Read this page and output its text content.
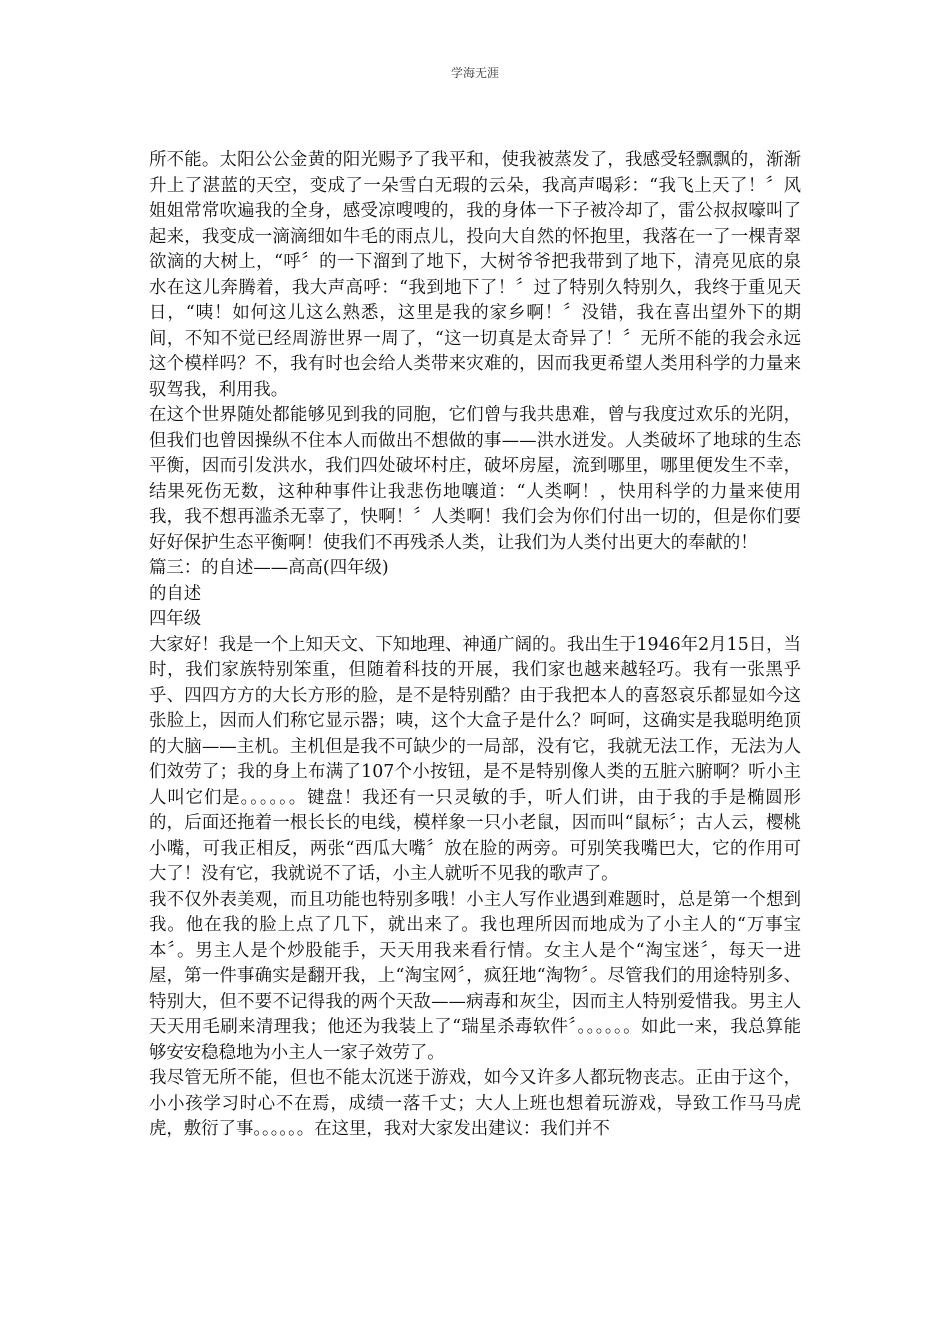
学海无涯

所不能。太阳公公金黄的阳光赐予了我平和，使我被蒸发了，我感受轻飘飘的，渐渐升上了湛蓝的天空，变成了一朵雪白无瑕的云朵，我高声喝彩：“我飞上天了！〞风姐姐常常吹遍我的全身，感受凉嗖嗖的，我的身体一下子被冷却了，雷公叔叔嚎叫了起来，我变成一滴滴细如牛毛的雨点儿，投向大自然的怀抱里，我落在一了一棵青翠欲滴的大树上，“呼〞的一下溜到了地下，大树爷爷把我带到了地下，清亮见底的泉水在这儿奔腾着，我大声高呼：“我到地下了！〞过了特别久特别久，我终于重见天日，“咦！如何这儿这么熟悉，这里是我的家乡啊！〞没错，我在喜出望外下的期间，不知不觉已经周游世界一周了，“这一切真是太奇异了！〞无所不能的我会永远这个模样吗？不，我有时也会给人类带来灾难的，因而我更希望人类用科学的力量来驭驾我，利用我。

在这个世界随处都能够见到我的同胞，它们曾与我共患难，曾与我度过欢乐的光阴，但我们也曾因操纵不住本人而做出不想做的事——洪水迸发。人类破坏了地球的生态平衡，因而引发洪水，我们四处破坏村庄，破坏房屋，流到哪里，哪里便发生不幸，结果死伤无数，这种种事件让我悲伤地嚷道：“人类啊！，快用科学的力量来使用我，我不想再滥杀无辜了，快啊！〞人类啊！我们会为你们付出一切的，但是你们要好好保护生态平衡啊！使我们不再残杀人类，让我们为人类付出更大的奉献的！

篇三：的自述——高高(四年级)

的自述

四年级

大家好！我是一个上知天文、下知地理、神通广阔的。我出生于1946年2月15日，当时，我们家族特别笨重，但随着科技的开展，我们家也越来越轻巧。我有一张黑乎乎、四四方方的大长方形的脸，是不是特别酷？由于我把本人的喜怒哀乐都显如今这张脸上，因而人们称它显示器；咦，这个大盒子是什么？呵呵，这确实是我聪明绝顶的大脑——主机。主机但是我不可缺少的一局部，没有它，我就无法工作，无法为人们效劳了；我的身上布满了107个小按钮，是不是特别像人类的五脏六腑啊？听小主人叫它们是。。。。。。键盘！我还有一只灵敏的手，听人们讲，由于我的手是椭圆形的，后面还拖着一根长长的电线，模样象一只小老鼠，因而叫“鼠标〞；古人云，樱桃小嘴，可我正相反，两张“西瓜大嘴〞放在脸的两旁。可别笑我嘴巴大，它的作用可大了！没有它，我就说不了话，小主人就听不见我的歌声了。

我不仅外表美观，而且功能也特别多哦！小主人写作业遇到难题时，总是第一个想到我。他在我的脸上点了几下，就出来了。我也理所因而地成为了小主人的“万事宝本〞。男主人是个炒股能手，天天用我来看行情。女主人是个“淘宝迷〞，每天一进屋，第一件事确实是翻开我，上“淘宝网〞，疯狂地“淘物〞。尽管我们的用途特别多、特别大，但不要不记得我的两个天敌——病毒和灰尘，因而主人特别爱惜我。男主人天天用毛刷来清理我；他还为我装上了“瑞星杀毒软件〞。。。。。。如此一来，我总算能够安安稳稳地为小主人一家子效劳了。

我尽管无所不能，但也不能太沉迷于游戏，如今又许多人都玩物丧志。正由于这个，小小孩学习时心不在焉，成绩一落千丈；大人上班也想着玩游戏，导致工作马马虎虎，敷衍了事。。。。。。在这里，我对大家发出建议：我们并不
